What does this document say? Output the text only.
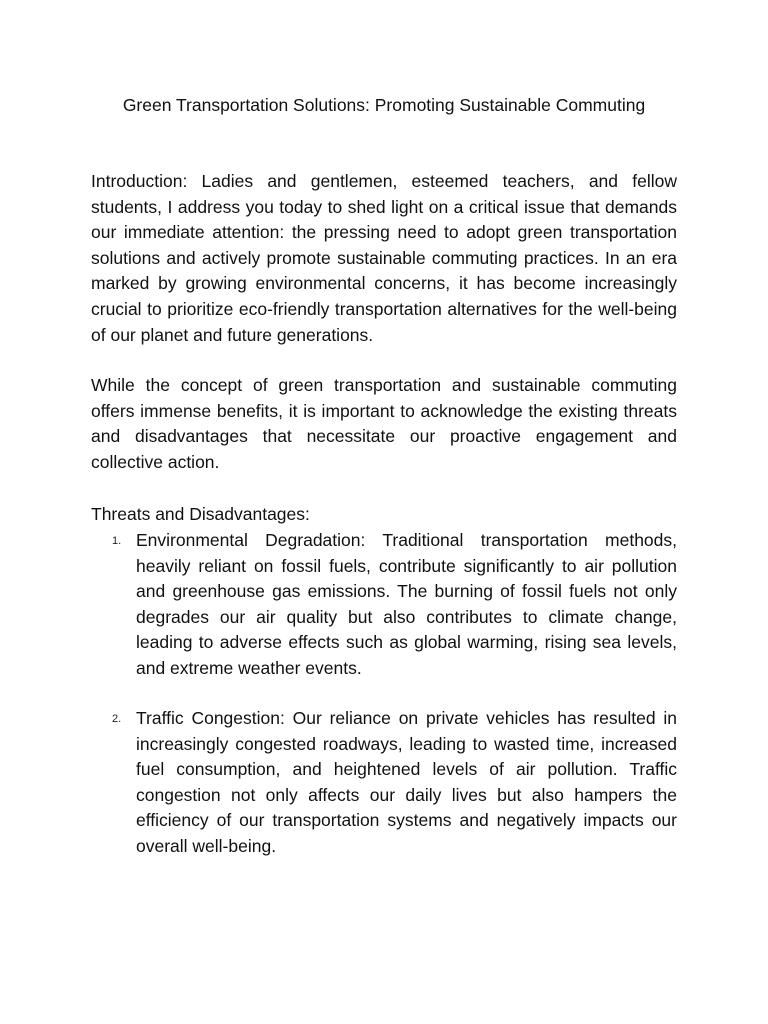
Green Transportation Solutions: Promoting Sustainable Commuting

Introduction: Ladies and gentlemen, esteemed teachers, and fellow students, I address you today to shed light on a critical issue that demands our immediate attention: the pressing need to adopt green transportation solutions and actively promote sustainable commuting practices. In an era marked by growing environmental concerns, it has become increasingly crucial to prioritize eco-friendly transportation alternatives for the well-being of our planet and future generations.

While the concept of green transportation and sustainable commuting offers immense benefits, it is important to acknowledge the existing threats and disadvantages that necessitate our proactive engagement and collective action.

Threats and Disadvantages:

1. Environmental Degradation: Traditional transportation methods, heavily reliant on fossil fuels, contribute significantly to air pollution and greenhouse gas emissions. The burning of fossil fuels not only degrades our air quality but also contributes to climate change, leading to adverse effects such as global warming, rising sea levels, and extreme weather events.

2. Traffic Congestion: Our reliance on private vehicles has resulted in increasingly congested roadways, leading to wasted time, increased fuel consumption, and heightened levels of air pollution. Traffic congestion not only affects our daily lives but also hampers the efficiency of our transportation systems and negatively impacts our overall well-being.
